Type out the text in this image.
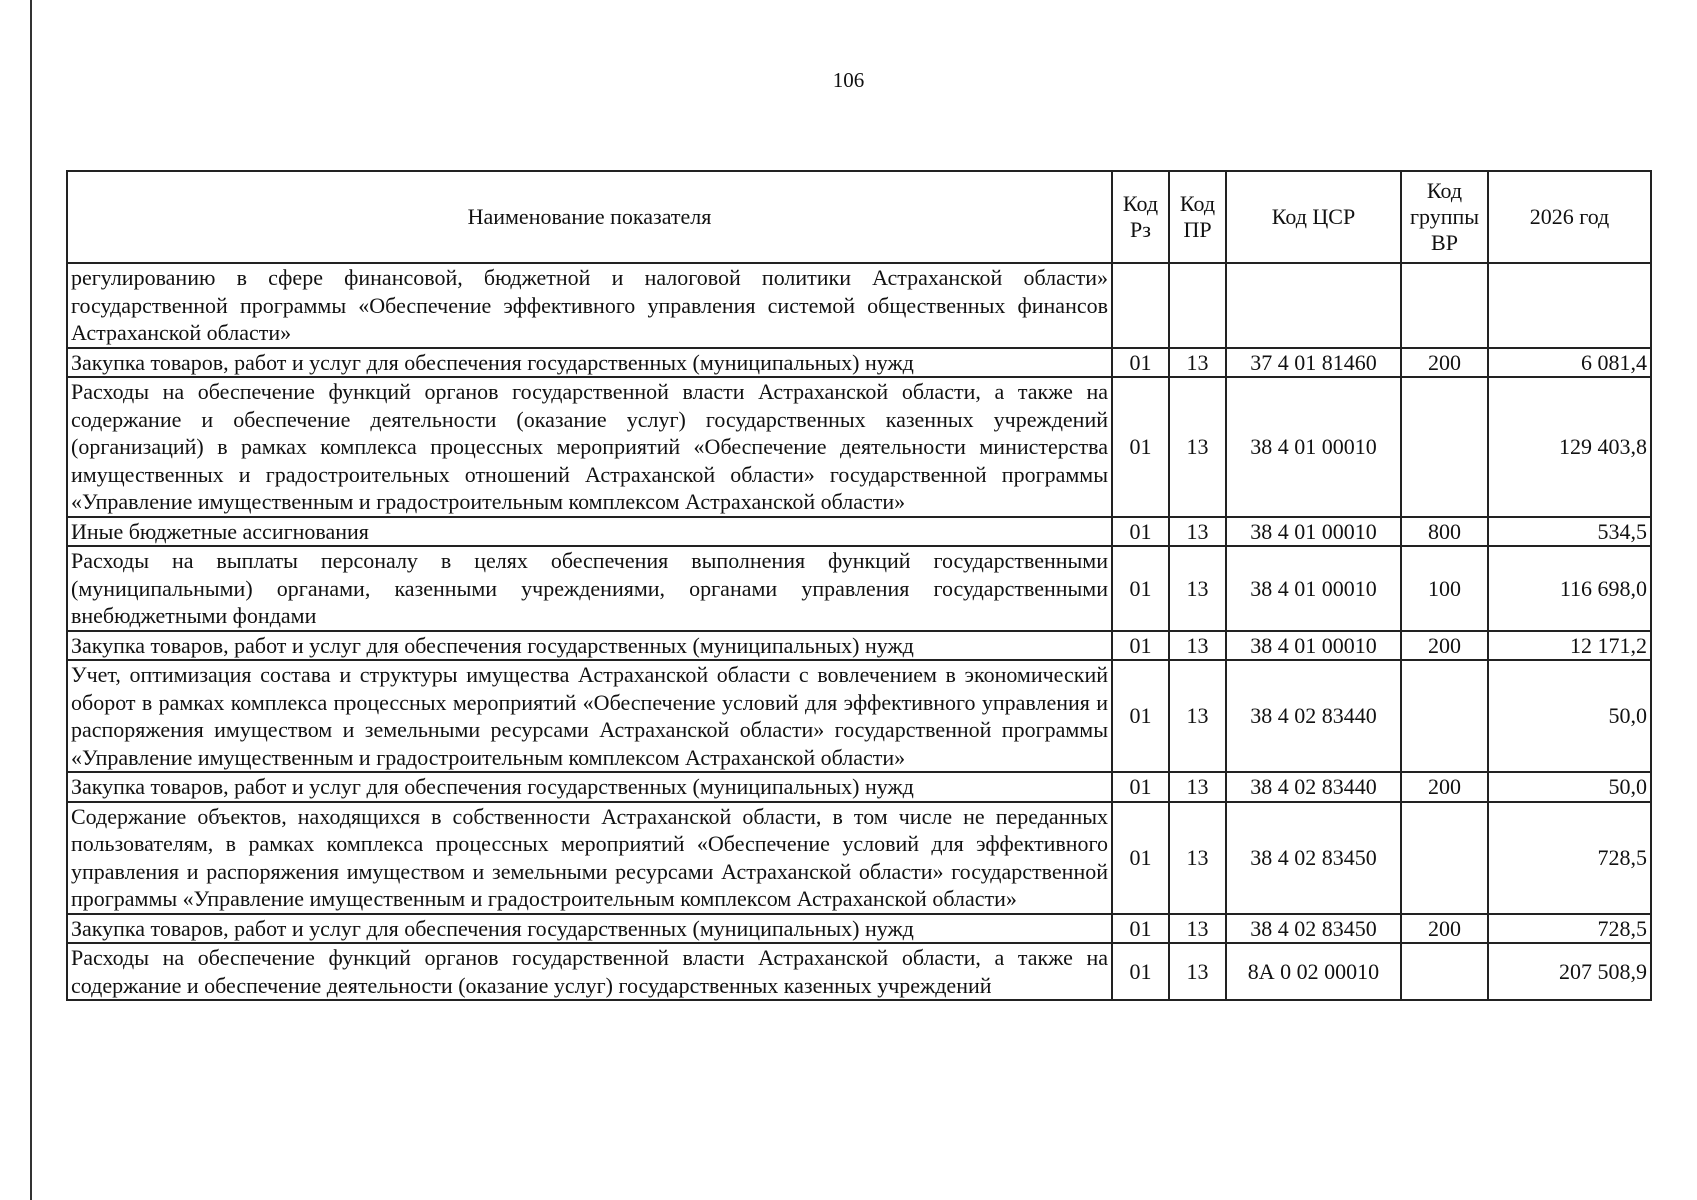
106
Наименование показателя	Код Рз	Код ПР	Код ЦСР	Код группы ВР	2026 год
регулированию в сфере финансовой, бюджетной и налоговой политики Астраханской области» государственной программы «Обеспечение эффективного управления системой общественных финансов Астраханской области»					
Закупка товаров, работ и услуг для обеспечения государственных (муниципальных) нужд	01	13	37 4 01 81460	200	6 081,4
Расходы на обеспечение функций органов государственной власти Астраханской области, а также на содержание и обеспечение деятельности (оказание услуг) государственных казенных учреждений (организаций) в рамках комплекса процессных мероприятий «Обеспечение деятельности министерства имущественных и градостроительных отношений Астраханской области» государственной программы «Управление имущественным и градостроительным комплексом Астраханской области»	01	13	38 4 01 00010		129 403,8
Иные бюджетные ассигнования	01	13	38 4 01 00010	800	534,5
Расходы на выплаты персоналу в целях обеспечения выполнения функций государственными (муниципальными) органами, казенными учреждениями, органами управления государственными внебюджетными фондами	01	13	38 4 01 00010	100	116 698,0
Закупка товаров, работ и услуг для обеспечения государственных (муниципальных) нужд	01	13	38 4 01 00010	200	12 171,2
Учет, оптимизация состава и структуры имущества Астраханской области с вовлечением в экономический оборот в рамках комплекса процессных мероприятий «Обеспечение условий для эффективного управления и распоряжения имуществом и земельными ресурсами Астраханской области» государственной программы «Управление имущественным и градостроительным комплексом Астраханской области»	01	13	38 4 02 83440		50,0
Закупка товаров, работ и услуг для обеспечения государственных (муниципальных) нужд	01	13	38 4 02 83440	200	50,0
Содержание объектов, находящихся в собственности Астраханской области, в том числе не переданных пользователям, в рамках комплекса процессных мероприятий «Обеспечение условий для эффективного управления и распоряжения имуществом и земельными ресурсами Астраханской области» государственной программы «Управление имущественным и градостроительным комплексом Астраханской области»	01	13	38 4 02 83450		728,5
Закупка товаров, работ и услуг для обеспечения государственных (муниципальных) нужд	01	13	38 4 02 83450	200	728,5
Расходы на обеспечение функций органов государственной власти Астраханской области, а также на содержание и обеспечение деятельности (оказание услуг) государственных казенных учреждений	01	13	8А 0 02 00010		207 508,9
